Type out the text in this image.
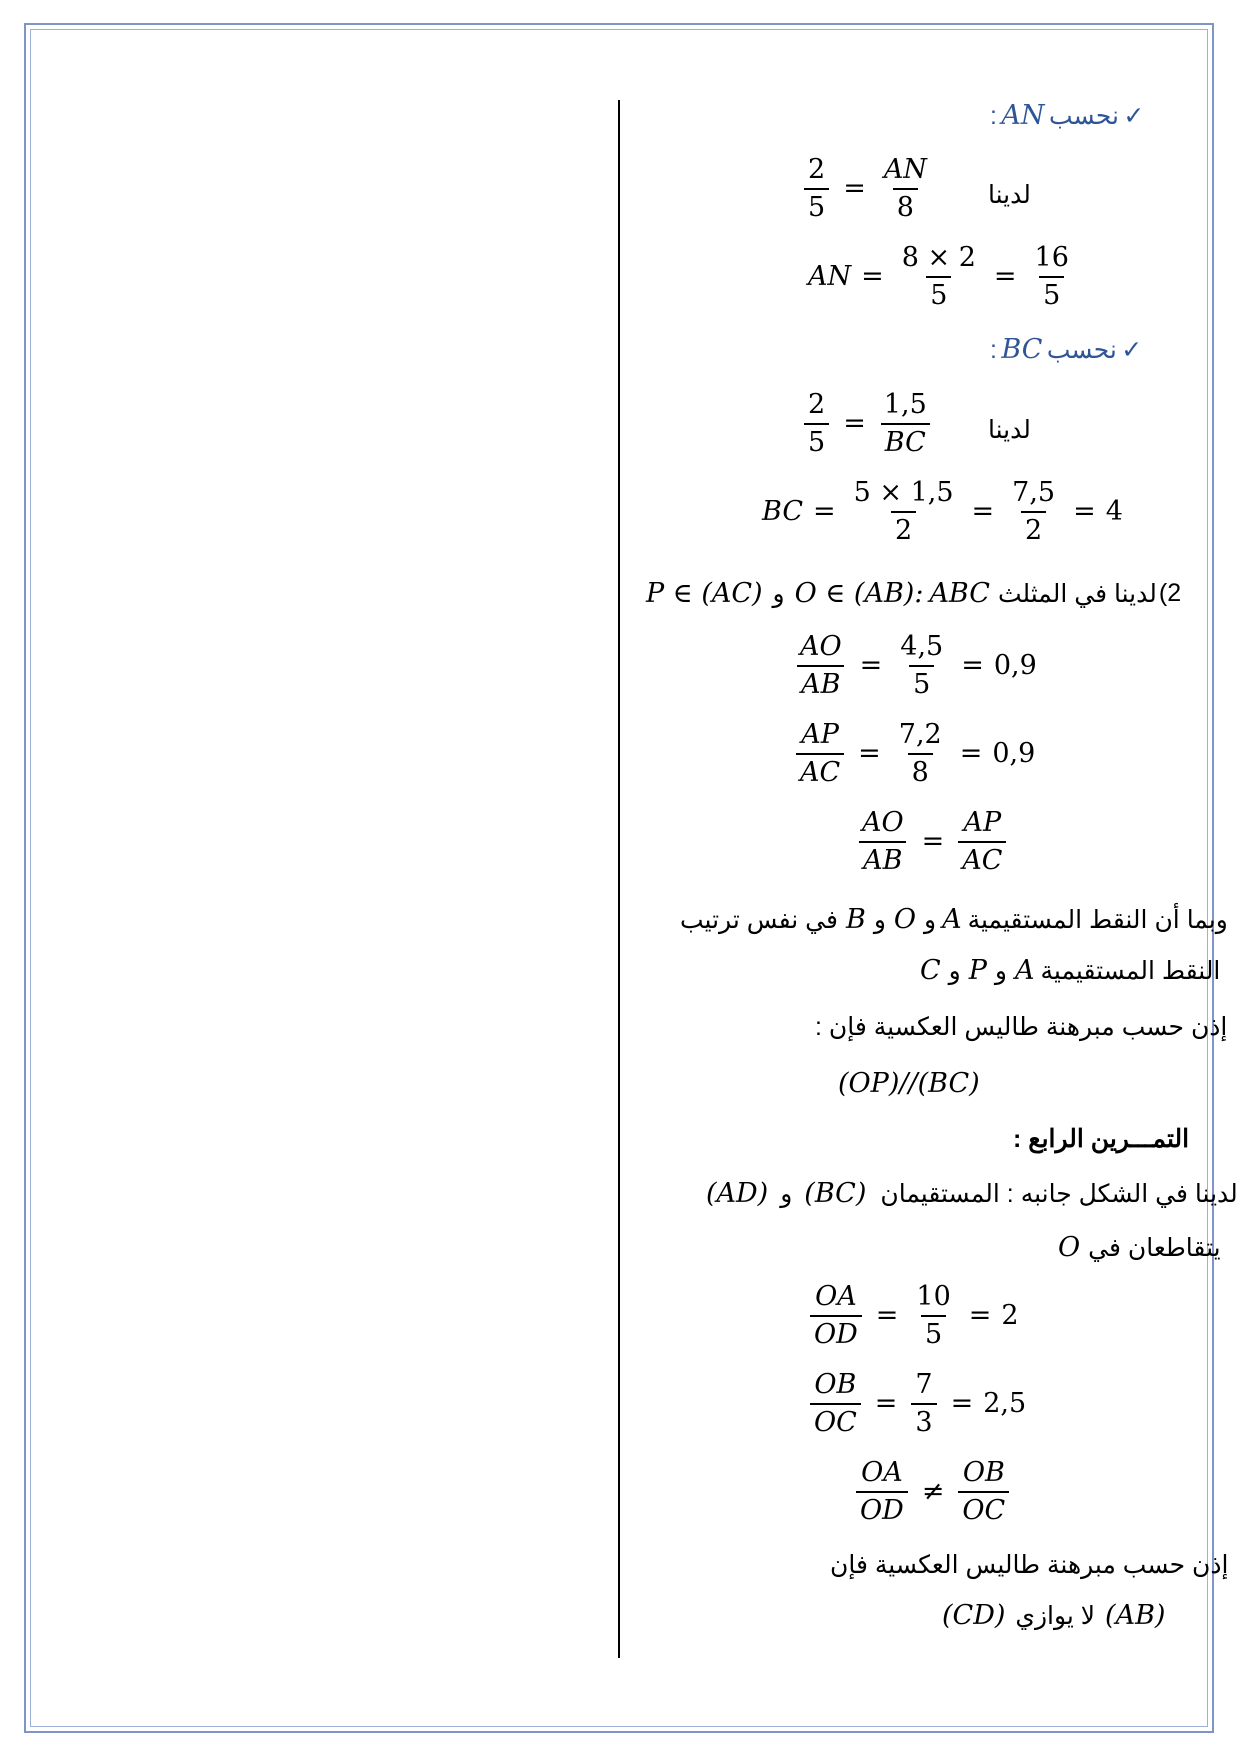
: AN نحسب ✓
$\frac{2}{5} = \frac{AN}{8}$ لدينا
AN = $\frac{8 \times 2}{5} = \frac{16}{5}$
: BC نحسب ✓
$\frac{2}{5} = \frac{1,5}{BC}$ لدينا
BC = $\frac{5 \times 1,5}{2} = \frac{7,5}{2} = 4$
P ∈ (AC) و O ∈ (AB) : ABC لدينا في المثلث 2)
$\frac{AO}{AB} = \frac{4,5}{5} = 0,9$
$\frac{AP}{AC} = \frac{7,2}{8} = 0,9$
$\frac{AO}{AB} = \frac{AP}{AC}$
في نفس ترتيب B و O و A وبما أن النقط المستقيمية
C و P و A النقط المستقيمية
إذن حسب مبرهنة طاليس العكسية فإن :
(OP)//(BC)
التمـــرين الرابع :
(AD) و (BC) لدينا في الشكل جانبه : المستقيمان
O يتقاطعان في
$\frac{OA}{OD} = \frac{10}{5} = 2$
$\frac{OB}{OC} = \frac{7}{3} = 2,5$
$\frac{OA}{OD} \ne \frac{OB}{OC}$
إذن حسب مبرهنة طاليس العكسية فإن
(CD) لا يوازي (AB)
